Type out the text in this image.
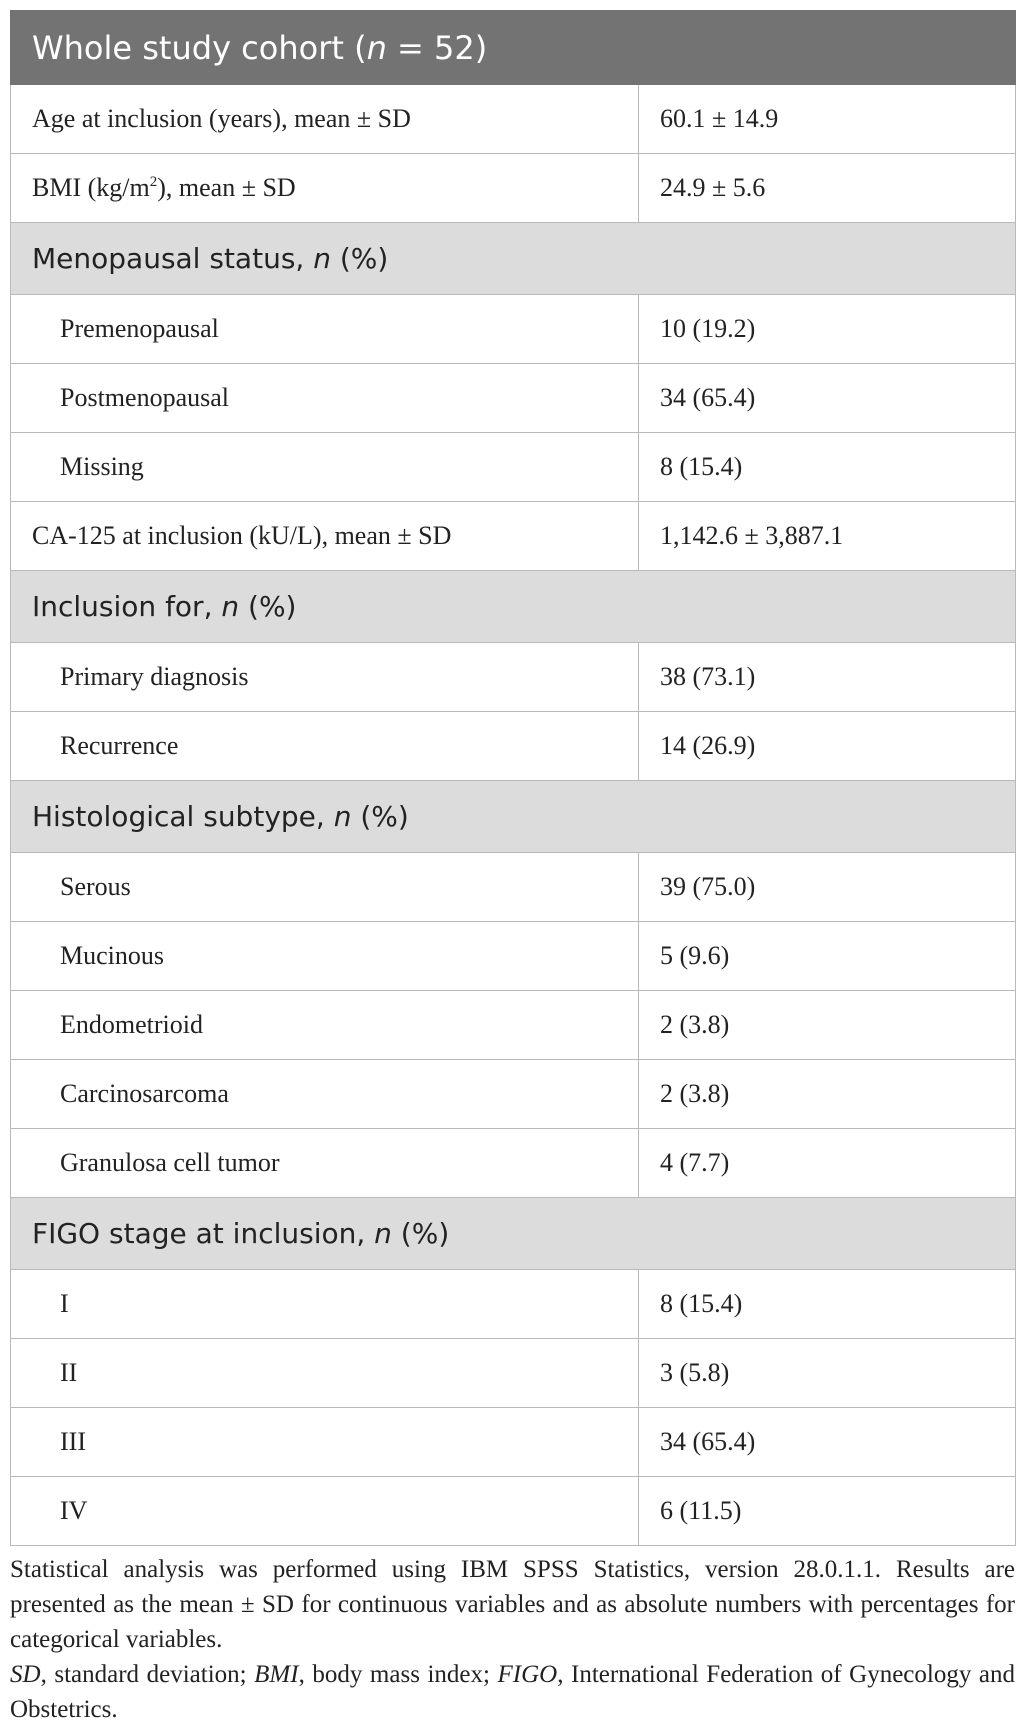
Whole study cohort (n = 52)	
Age at inclusion (years), mean ± SD	60.1 ± 14.9
BMI $(kg/m^2)$, mean ± SD	24.9 ± 5.6
Menopausal status, n (%)	
Premenopausal	10 (19.2)
Postmenopausal	34 (65.4)
Missing	8 (15.4)
CA-125 at inclusion (kU/L), mean ± SD	1,142.6 ± 3,887.1
Inclusion for, n (%)	
Primary diagnosis	38 (73.1)
Recurrence	14 (26.9)
Histological subtype, n (%)	
Serous	39 (75.0)
Mucinous	5 (9.6)
Endometrioid	2 (3.8)
Carcinosarcoma	2 (3.8)
Granulosa cell tumor	4 (7.7)
FIGO stage at inclusion, n (%)	
I	8 (15.4)
II	3 (5.8)
III	34 (65.4)
IV	6 (11.5)

Statistical analysis was performed using IBM SPSS Statistics, version 28.0.1.1. Results are presented as the mean ± SD for continuous variables and as absolute numbers with percentages for categorical variables.

SD, standard deviation; BMI, body mass index; FIGO, International Federation of Gynecology and Obstetrics.
